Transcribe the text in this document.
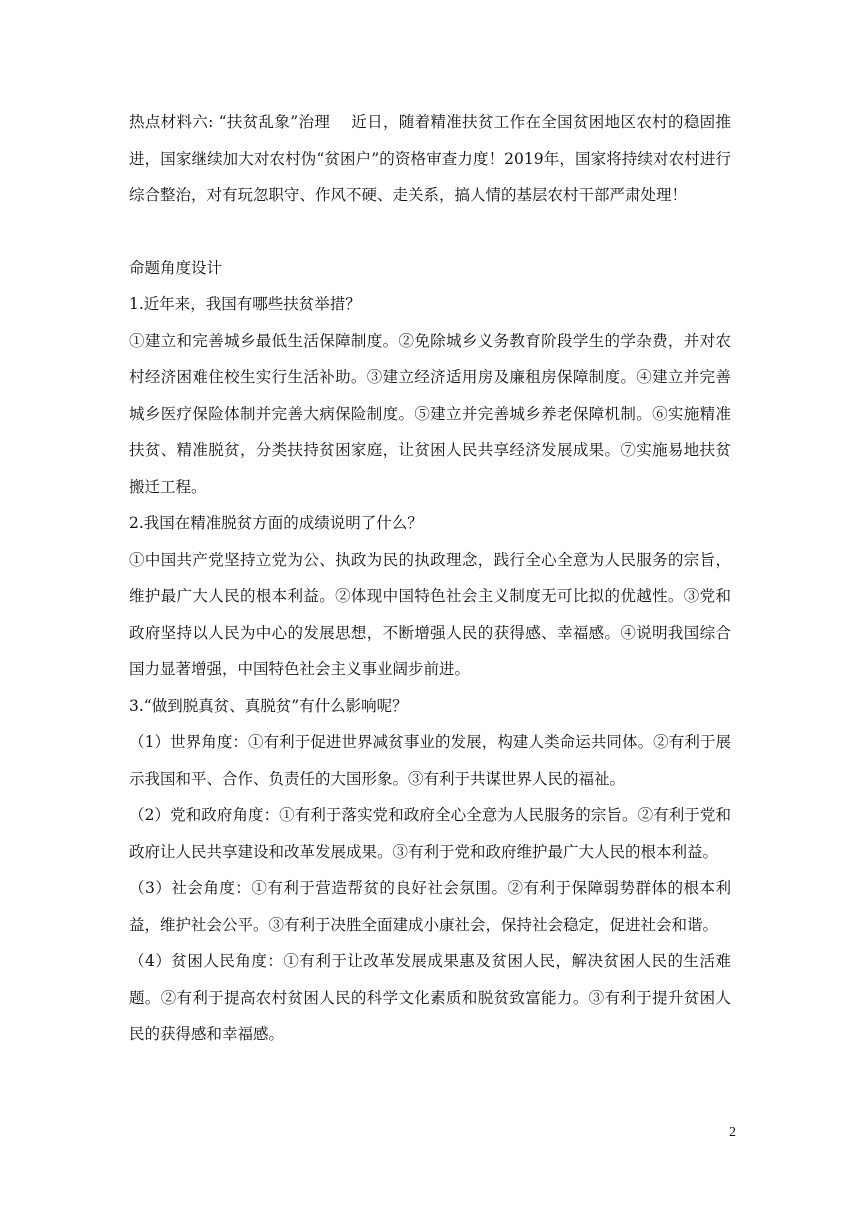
热点材料六: “扶贫乱象”治理　 近日，随着精准扶贫工作在全国贫困地区农村的稳固推进，国家继续加大对农村伪“贫困户”的资格审查力度！2019年，国家将持续对农村进行综合整治，对有玩忽职守、作风不硬、走关系，搞人情的基层农村干部严肃处理！

命题角度设计

1.近年来，我国有哪些扶贫举措？

①建立和完善城乡最低生活保障制度。②免除城乡义务教育阶段学生的学杂费，并对农村经济困难住校生实行生活补助。③建立经济适用房及廉租房保障制度。④建立并完善城乡医疗保险体制并完善大病保险制度。⑤建立并完善城乡养老保障机制。⑥实施精准扶贫、精准脱贫，分类扶持贫困家庭，让贫困人民共享经济发展成果。⑦实施易地扶贫搬迁工程。

2.我国在精准脱贫方面的成绩说明了什么？

①中国共产党坚持立党为公、执政为民的执政理念，践行全心全意为人民服务的宗旨，维护最广大人民的根本利益。②体现中国特色社会主义制度无可比拟的优越性。③党和政府坚持以人民为中心的发展思想，不断增强人民的获得感、幸福感。④说明我国综合国力显著增强，中国特色社会主义事业阔步前进。

3.“做到脱真贫、真脱贫”有什么影响呢？

（1）世界角度：①有利于促进世界减贫事业的发展，构建人类命运共同体。②有利于展示我国和平、合作、负责任的大国形象。③有利于共谋世界人民的福祉。

（2）党和政府角度：①有利于落实党和政府全心全意为人民服务的宗旨。②有利于党和政府让人民共享建设和改革发展成果。③有利于党和政府维护最广大人民的根本利益。

（3）社会角度：①有利于营造帮贫的良好社会氛围。②有利于保障弱势群体的根本利益，维护社会公平。③有利于决胜全面建成小康社会，保持社会稳定，促进社会和谐。

（4）贫困人民角度：①有利于让改革发展成果惠及贫困人民，解决贫困人民的生活难题。②有利于提高农村贫困人民的科学文化素质和脱贫致富能力。③有利于提升贫困人民的获得感和幸福感。

2
